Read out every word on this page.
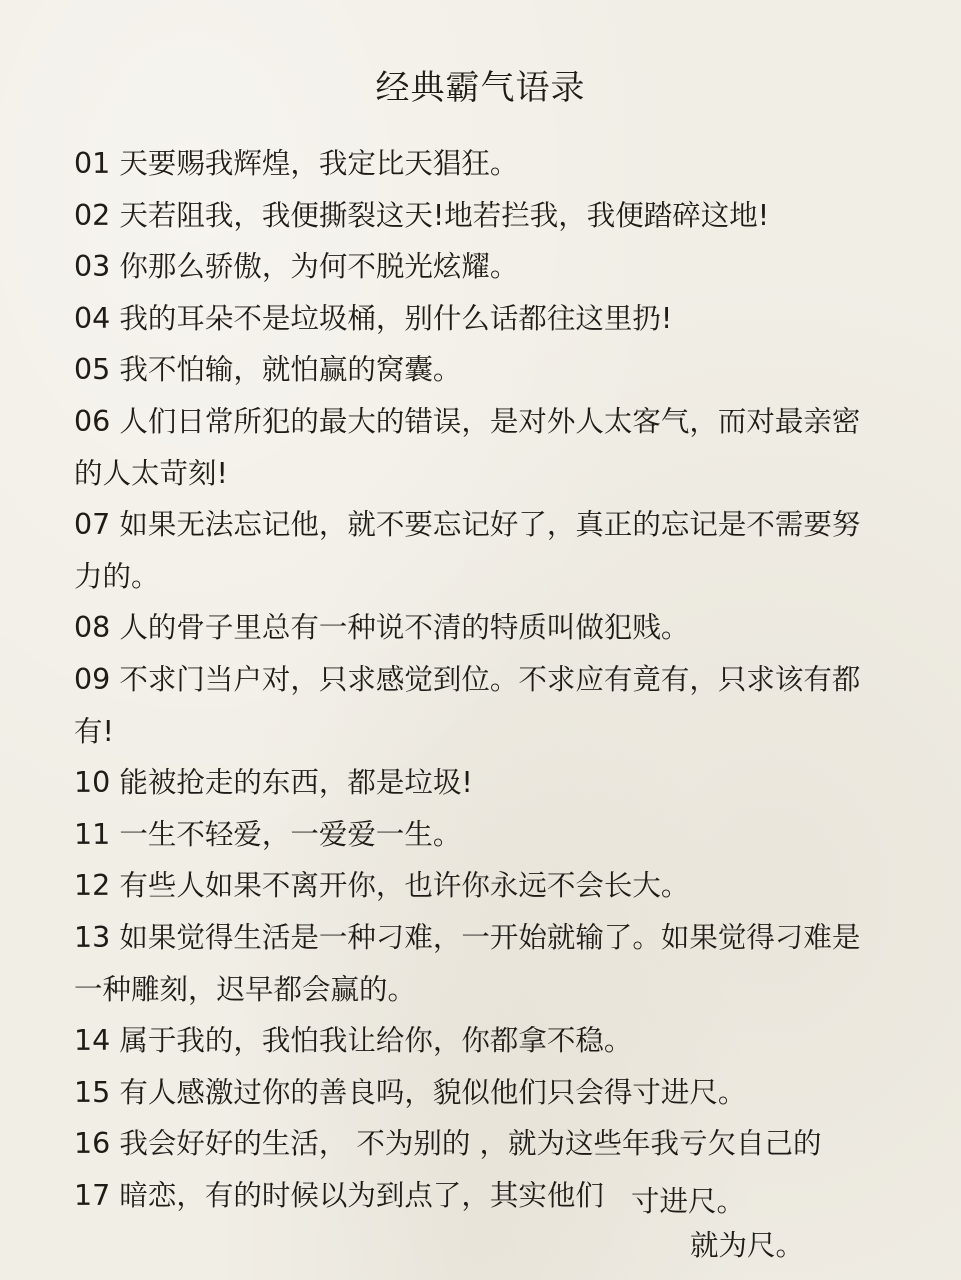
经典霸气语录
01 天要赐我辉煌，我定比天猖狂。
02 天若阻我，我便撕裂这天!地若拦我，我便踏碎这地!
03 你那么骄傲，为何不脱光炫耀。
04 我的耳朵不是垃圾桶，别什么话都往这里扔!
05 我不怕输，就怕赢的窝囊。
06 人们日常所犯的最大的错误，是对外人太客气，而对最亲密的人太苛刻!
07 如果无法忘记他，就不要忘记好了，真正的忘记是不需要努力的。
08 人的骨子里总有一种说不清的特质叫做犯贱。
09 不求门当户对，只求感觉到位。不求应有竟有，只求该有都有!
10 能被抢走的东西，都是垃圾!
11 一生不轻爱，一爱爱一生。
12 有些人如果不离开你，也许你永远不会长大。
13 如果觉得生活是一种刁难，一开始就输了。如果觉得刁难是一种雕刻，迟早都会赢的。
14 属于我的，我怕我让给你，你都拿不稳。
15 有人感激过你的善良吗，貌似他们只会得寸进尺。
16 我会好好的生活， 不为别的 ，就为这些年我亏欠自己的
17 暗恋，有的时候以为到点了，其实他们 寸进尺。
就为尺。
